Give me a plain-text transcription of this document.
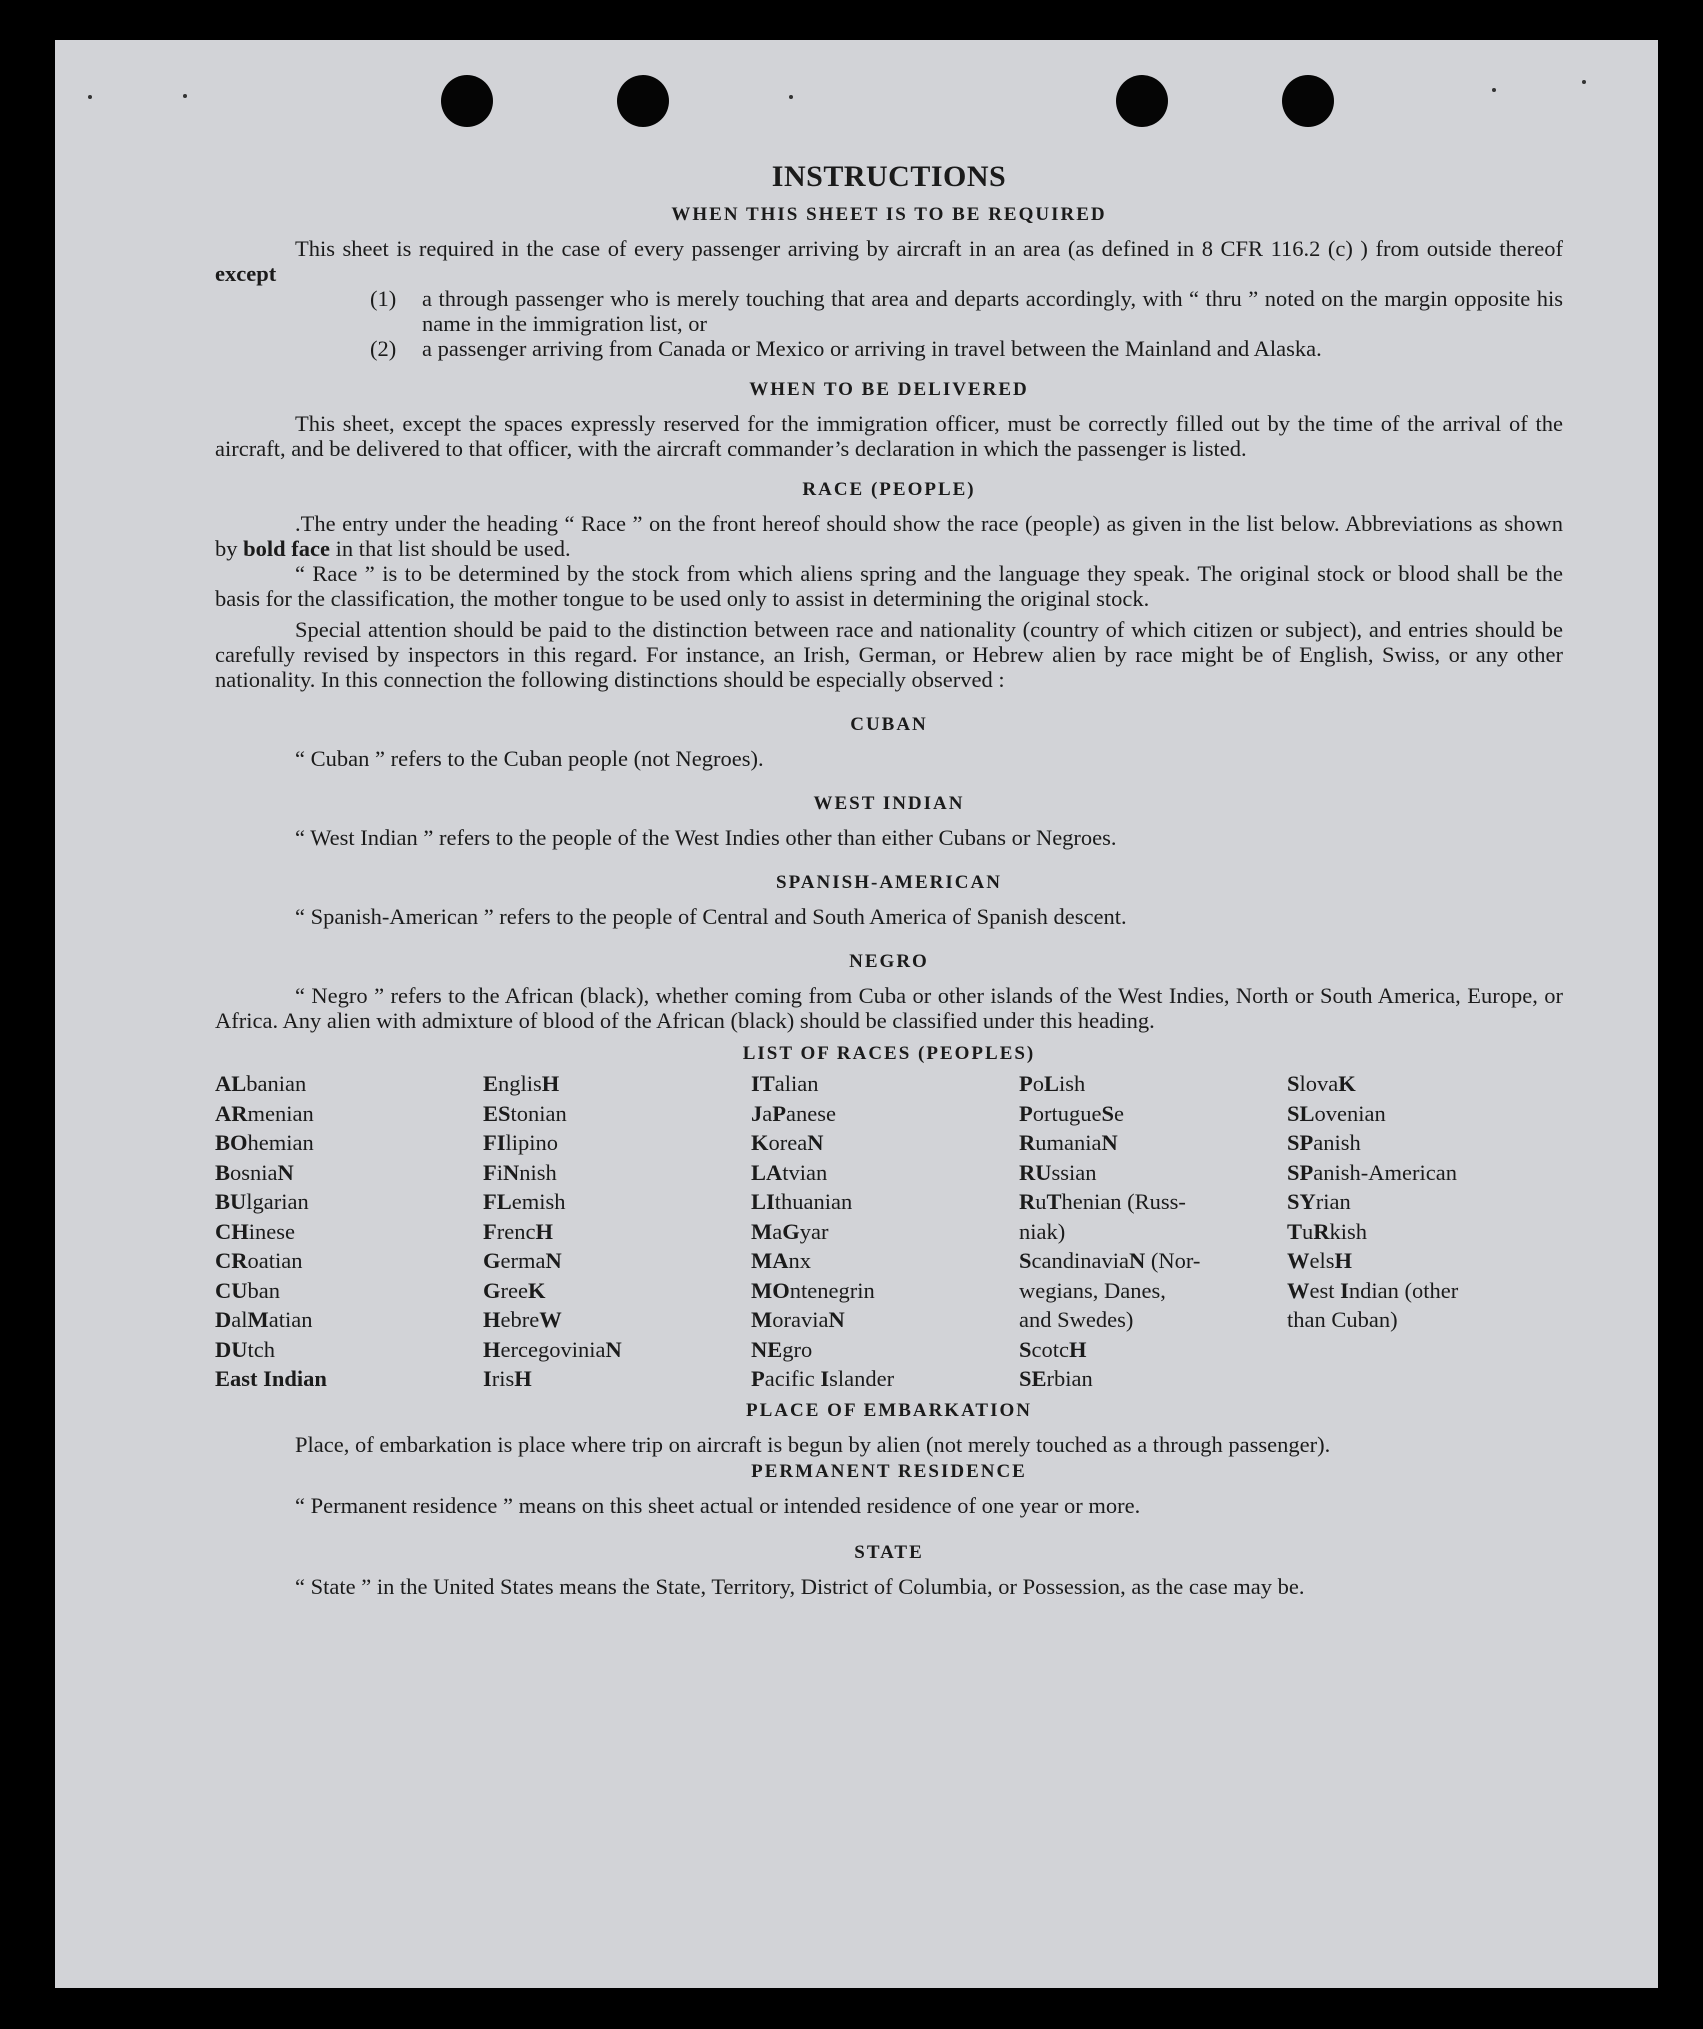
INSTRUCTIONS
WHEN THIS SHEET IS TO BE REQUIRED

This sheet is required in the case of every passenger arriving by aircraft in an area (as defined in 8 CFR 116.2 (c) ) from outside thereof except

(1)	a through passenger who is merely touching that area and departs accordingly, with “ thru ” noted on the margin opposite his name in the immigration list, or
(2)	a passenger arriving from Canada or Mexico or arriving in travel between the Mainland and Alaska.
WHEN TO BE DELIVERED

This sheet, except the spaces expressly reserved for the immigration officer, must be correctly filled out by the time of the arrival of the aircraft, and be delivered to that officer, with the aircraft commander’s declaration in which the passenger is listed.

RACE (PEOPLE)

.The entry under the heading “ Race ” on the front hereof should show the race (people) as given in the list below. Abbreviations as shown by bold face in that list should be used.

“ Race ” is to be determined by the stock from which aliens spring and the language they speak. The original stock or blood shall be the basis for the classification, the mother tongue to be used only to assist in determining the original stock.

Special attention should be paid to the distinction between race and nationality (country of which citizen or subject), and entries should be carefully revised by inspectors in this regard. For instance, an Irish, German, or Hebrew alien by race might be of English, Swiss, or any other nationality. In this connection the following distinctions should be especially observed :

CUBAN

“ Cuban ” refers to the Cuban people (not Negroes).

WEST INDIAN

“ West Indian ” refers to the people of the West Indies other than either Cubans or Negroes.

SPANISH-AMERICAN

“ Spanish-American ” refers to the people of Central and South America of Spanish descent.

NEGRO

“ Negro ” refers to the African (black), whether coming from Cuba or other islands of the West Indies, North or South America, Europe, or Africa. Any alien with admixture of blood of the African (black) should be classified under this heading.

LIST OF RACES (PEOPLES)
ALbanian
ARmenian
BOhemian
BosniaN
BUlgarian
CHinese
CRoatian
CUban
DalMatian
DUtch
East Indian
EnglisH
EStonian
FIlipino
FiNnish
FLemish
FrencH
GermaN
GreeK
HebreW
HercegoviniaN
IrisH
ITalian
JaPanese
KoreaN
LAtvian
LIthuanian
MaGyar
MAnx
MOntenegrin
MoraviaN
NEgro
Pacific Islander
PoLish
PortugueSe
RumaniaN
RUssian
RuThenian (Russ-
niak)
ScandinaviaN (Nor-
wegians, Danes,
and Swedes)
ScotcH
SErbian
SlovaK
SLovenian
SPanish
SPanish-American
SYrian
TuRkish
WelsH
West Indian (other
than Cuban)
PLACE OF EMBARKATION

Place, of embarkation is place where trip on aircraft is begun by alien (not merely touched as a through passenger).

PERMANENT RESIDENCE

“ Permanent residence ” means on this sheet actual or intended residence of one year or more.

STATE

“ State ” in the United States means the State, Territory, District of Columbia, or Possession, as the case may be.
